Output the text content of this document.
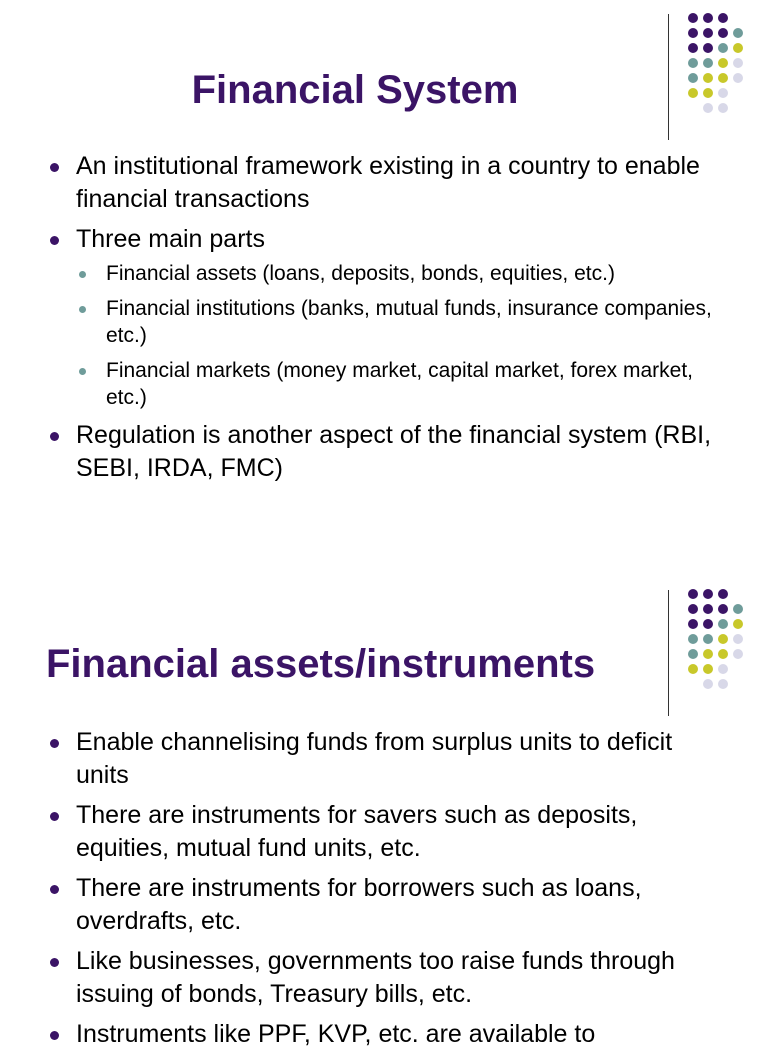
Financial System
An institutional framework existing in a country to enable financial transactions
Three main parts
Financial assets (loans, deposits, bonds, equities, etc.)
Financial institutions (banks, mutual funds, insurance companies, etc.)
Financial markets (money market, capital market, forex market, etc.)
Regulation is another aspect of the financial system (RBI, SEBI, IRDA, FMC)
Financial assets/instruments
Enable channelising funds from surplus units to deficit units
There are instruments for savers such as deposits, equities, mutual fund units, etc.
There are instruments for borrowers such as loans, overdrafts, etc.
Like businesses, governments too raise funds through issuing of bonds, Treasury bills, etc.
Instruments like PPF, KVP, etc. are available to
